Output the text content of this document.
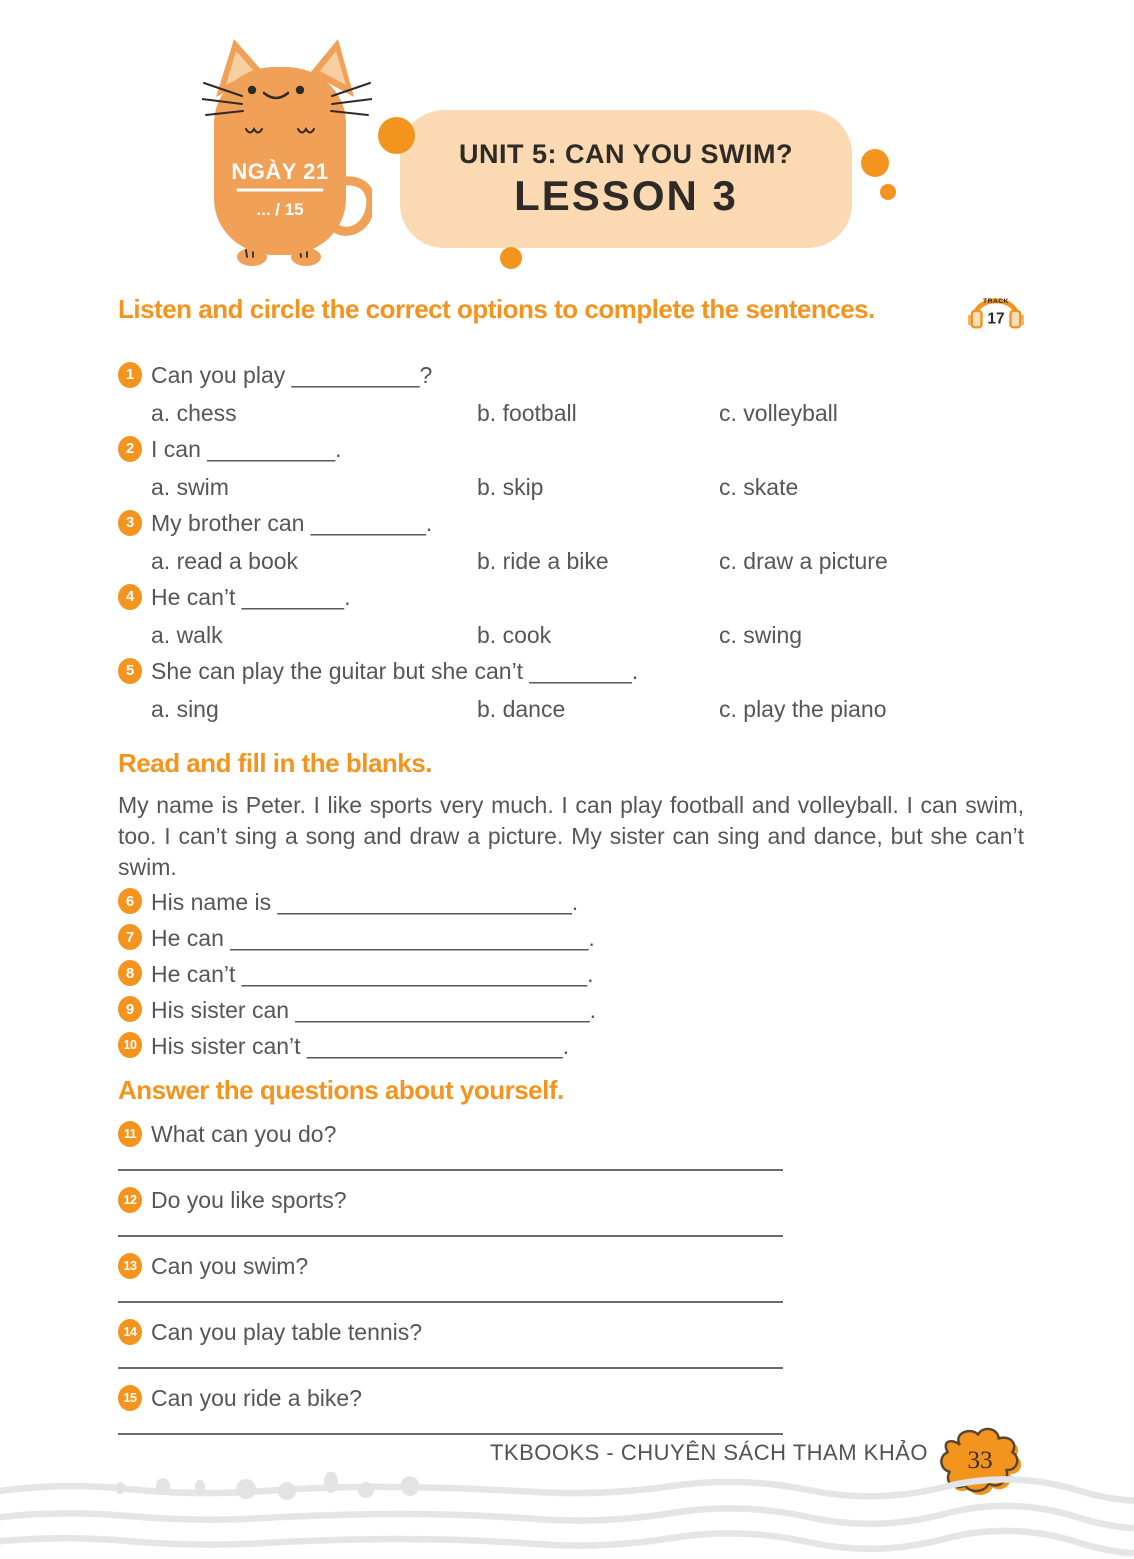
NGÀY 21
... / 15
UNIT 5: CAN YOU SWIM?
LESSON 3
Listen and circle the correct options to complete the sentences.	TRACK
17
1 Can you play __________?
a. chess	b. football	c. volleyball
2 I can __________.
a. swim	b. skip	c. skate
3 My brother can _________.
a. read a book	b. ride a bike	c. draw a picture
4 He can’t ________.
a. walk	b. cook	c. swing
5 She can play the guitar but she can’t ________.
a. sing	b. dance	c. play the piano
Read and fill in the blanks.
My name is Peter. I like sports very much. I can play football and volleyball. I can swim, too. I can’t sing a song and draw a picture. My sister can sing and dance, but she can’t swim.
6 His name is _______________________.
7 He can ____________________________.
8 He can’t ___________________________.
9 His sister can _______________________.
10 His sister can’t ____________________.
Answer the questions about yourself.
11 What can you do?
12 Do you like sports?
13 Can you swim?
14 Can you play table tennis?
15 Can you ride a bike?
TKBOOKS - CHUYÊN SÁCH THAM KHẢO 33
